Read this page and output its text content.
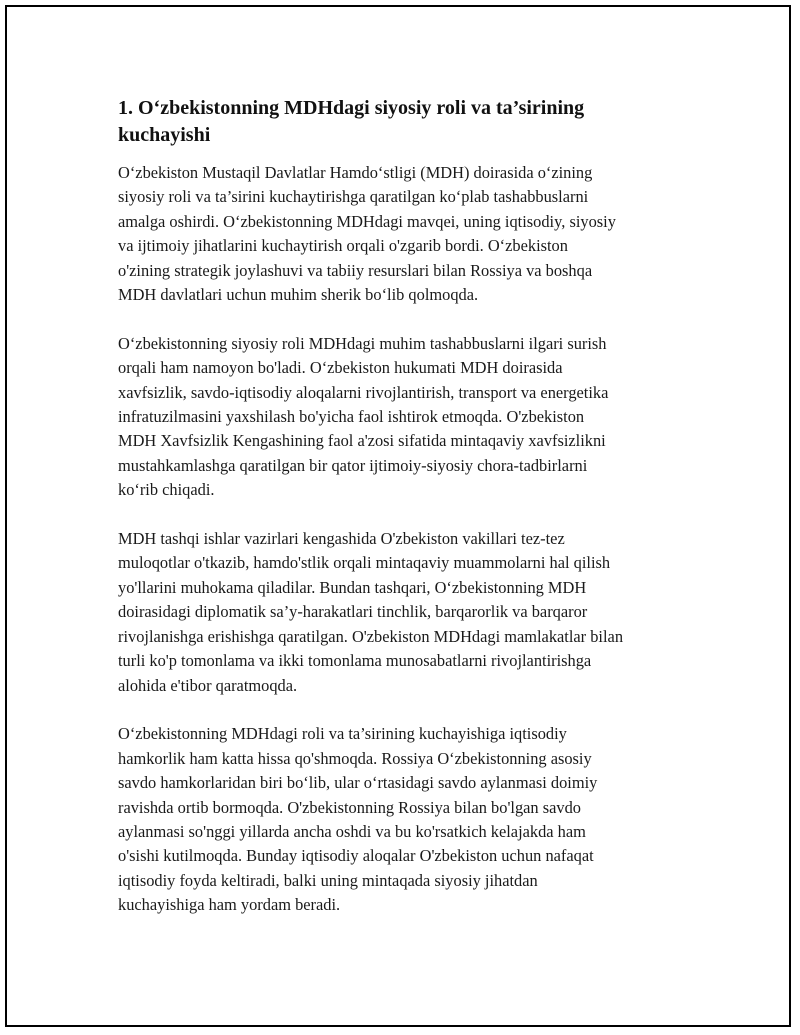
1. O‘zbekistonning MDHdagi siyosiy roli va ta’sirining
kuchayishi

O‘zbekiston Mustaqil Davlatlar Hamdo‘stligi (MDH) doirasida o‘zining
siyosiy roli va ta’sirini kuchaytirishga qaratilgan ko‘plab tashabbuslarni
amalga oshirdi. O‘zbekistonning MDHdagi mavqei, uning iqtisodiy, siyosiy
va ijtimoiy jihatlarini kuchaytirish orqali o'zgarib bordi. O‘zbekiston
o'zining strategik joylashuvi va tabiiy resurslari bilan Rossiya va boshqa
MDH davlatlari uchun muhim sherik bo‘lib qolmoqda.

O‘zbekistonning siyosiy roli MDHdagi muhim tashabbuslarni ilgari surish
orqali ham namoyon bo'ladi. O‘zbekiston hukumati MDH doirasida
xavfsizlik, savdo-iqtisodiy aloqalarni rivojlantirish, transport va energetika
infratuzilmasini yaxshilash bo'yicha faol ishtirok etmoqda. O'zbekiston
MDH Xavfsizlik Kengashining faol a'zosi sifatida mintaqaviy xavfsizlikni
mustahkamlashga qaratilgan bir qator ijtimoiy-siyosiy chora-tadbirlarni
ko‘rib chiqadi.

MDH tashqi ishlar vazirlari kengashida O'zbekiston vakillari tez-tez
muloqotlar o'tkazib, hamdo'stlik orqali mintaqaviy muammolarni hal qilish
yo'llarini muhokama qiladilar. Bundan tashqari, O‘zbekistonning MDH
doirasidagi diplomatik sa’y-harakatlari tinchlik, barqarorlik va barqaror
rivojlanishga erishishga qaratilgan. O'zbekiston MDHdagi mamlakatlar bilan
turli ko'p tomonlama va ikki tomonlama munosabatlarni rivojlantirishga
alohida e'tibor qaratmoqda.

O‘zbekistonning MDHdagi roli va ta’sirining kuchayishiga iqtisodiy
hamkorlik ham katta hissa qo'shmoqda. Rossiya O‘zbekistonning asosiy
savdo hamkorlaridan biri bo‘lib, ular o‘rtasidagi savdo aylanmasi doimiy
ravishda ortib bormoqda. O'zbekistonning Rossiya bilan bo'lgan savdo
aylanmasi so'nggi yillarda ancha oshdi va bu ko'rsatkich kelajakda ham
o'sishi kutilmoqda. Bunday iqtisodiy aloqalar O'zbekiston uchun nafaqat
iqtisodiy foyda keltiradi, balki uning mintaqada siyosiy jihatdan
kuchayishiga ham yordam beradi.
